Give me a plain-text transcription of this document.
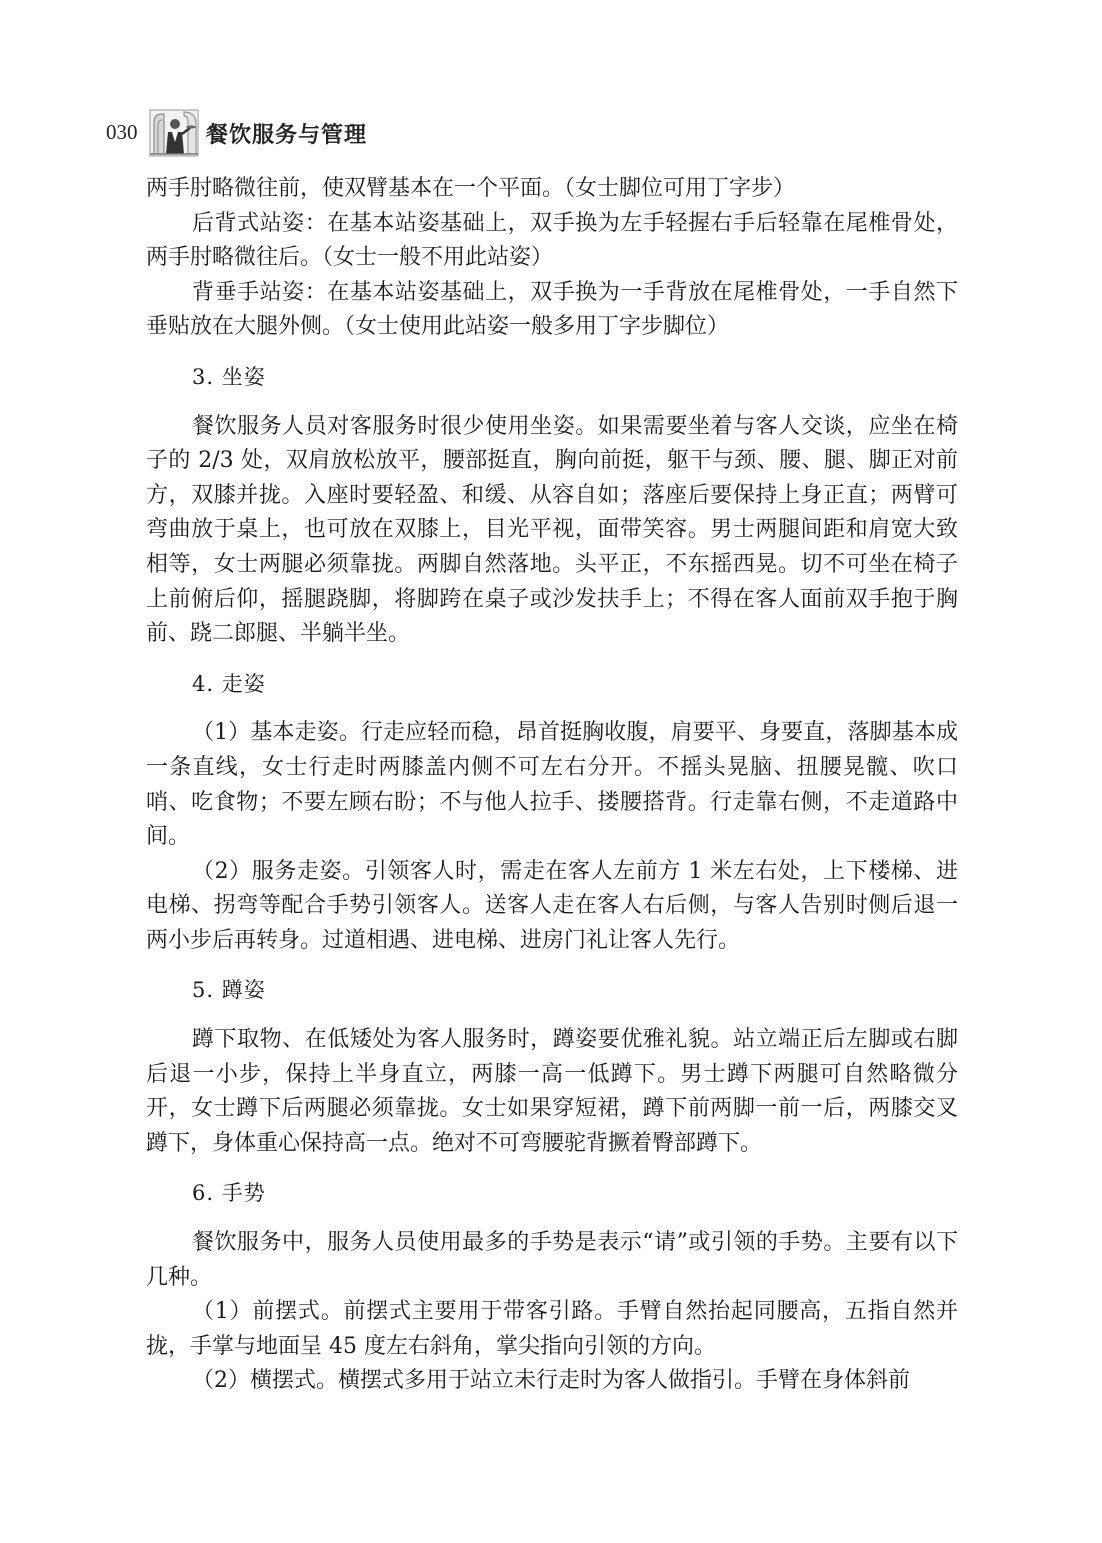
030	餐饮服务与管理

两手肘略微往前，使双臂基本在一个平面。（女士脚位可用丁字步）

后背式站姿：在基本站姿基础上，双手换为左手轻握右手后轻靠在尾椎骨处，两手肘略微往后。（女士一般不用此站姿）

背垂手站姿：在基本站姿基础上，双手换为一手背放在尾椎骨处，一手自然下垂贴放在大腿外侧。（女士使用此站姿一般多用丁字步脚位）

3. 坐姿

餐饮服务人员对客服务时很少使用坐姿。如果需要坐着与客人交谈，应坐在椅子的 2/3 处，双肩放松放平，腰部挺直，胸向前挺，躯干与颈、腰、腿、脚正对前方，双膝并拢。入座时要轻盈、和缓、从容自如；落座后要保持上身正直；两臂可弯曲放于桌上，也可放在双膝上，目光平视，面带笑容。男士两腿间距和肩宽大致相等，女士两腿必须靠拢。两脚自然落地。头平正，不东摇西晃。切不可坐在椅子上前俯后仰，摇腿跷脚，将脚跨在桌子或沙发扶手上；不得在客人面前双手抱于胸前、跷二郎腿、半躺半坐。

4. 走姿

（1）基本走姿。行走应轻而稳，昂首挺胸收腹，肩要平、身要直，落脚基本成一条直线，女士行走时两膝盖内侧不可左右分开。不摇头晃脑、扭腰晃髋、吹口哨、吃食物；不要左顾右盼；不与他人拉手、搂腰搭背。行走靠右侧，不走道路中间。

（2）服务走姿。引领客人时，需走在客人左前方 1 米左右处，上下楼梯、进电梯、拐弯等配合手势引领客人。送客人走在客人右后侧，与客人告别时侧后退一两小步后再转身。过道相遇、进电梯、进房门礼让客人先行。

5. 蹲姿

蹲下取物、在低矮处为客人服务时，蹲姿要优雅礼貌。站立端正后左脚或右脚后退一小步，保持上半身直立，两膝一高一低蹲下。男士蹲下两腿可自然略微分开，女士蹲下后两腿必须靠拢。女士如果穿短裙，蹲下前两脚一前一后，两膝交叉蹲下，身体重心保持高一点。绝对不可弯腰驼背撅着臀部蹲下。

6. 手势

餐饮服务中，服务人员使用最多的手势是表示“请”或引领的手势。主要有以下几种。

（1）前摆式。前摆式主要用于带客引路。手臂自然抬起同腰高，五指自然并拢，手掌与地面呈 45 度左右斜角，掌尖指向引领的方向。

（2）横摆式。横摆式多用于站立未行走时为客人做指引。手臂在身体斜前
